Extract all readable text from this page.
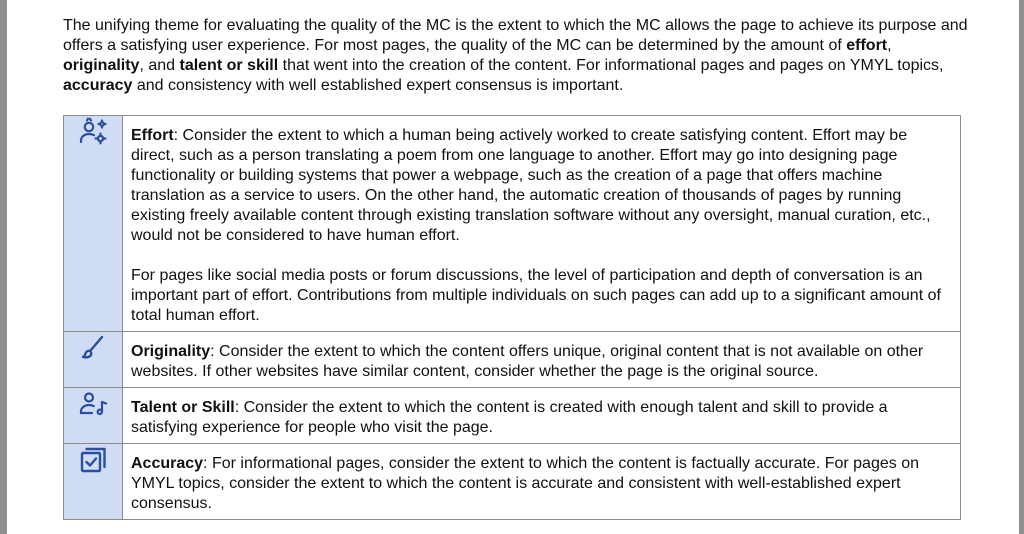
The unifying theme for evaluating the quality of the MC is the extent to which the MC allows the page to achieve its purpose and offers a satisfying user experience. For most pages, the quality of the MC can be determined by the amount of effort, originality, and talent or skill that went into the creation of the content. For informational pages and pages on YMYL topics, accuracy and consistency with well established expert consensus is important.

Effort: Consider the extent to which a human being actively worked to create satisfying content. Effort may be direct, such as a person translating a poem from one language to another. Effort may go into designing page functionality or building systems that power a webpage, such as the creation of a page that offers machine translation as a service to users. On the other hand, the automatic creation of thousands of pages by running existing freely available content through existing translation software without any oversight, manual curation, etc., would not be considered to have human effort.

For pages like social media posts or forum discussions, the level of participation and depth of conversation is an important part of effort. Contributions from multiple individuals on such pages can add up to a significant amount of total human effort.

Originality: Consider the extent to which the content offers unique, original content that is not available on other websites. If other websites have similar content, consider whether the page is the original source.

Talent or Skill: Consider the extent to which the content is created with enough talent and skill to provide a satisfying experience for people who visit the page.

Accuracy: For informational pages, consider the extent to which the content is factually accurate. For pages on YMYL topics, consider the extent to which the content is accurate and consistent with well-established expert consensus.
